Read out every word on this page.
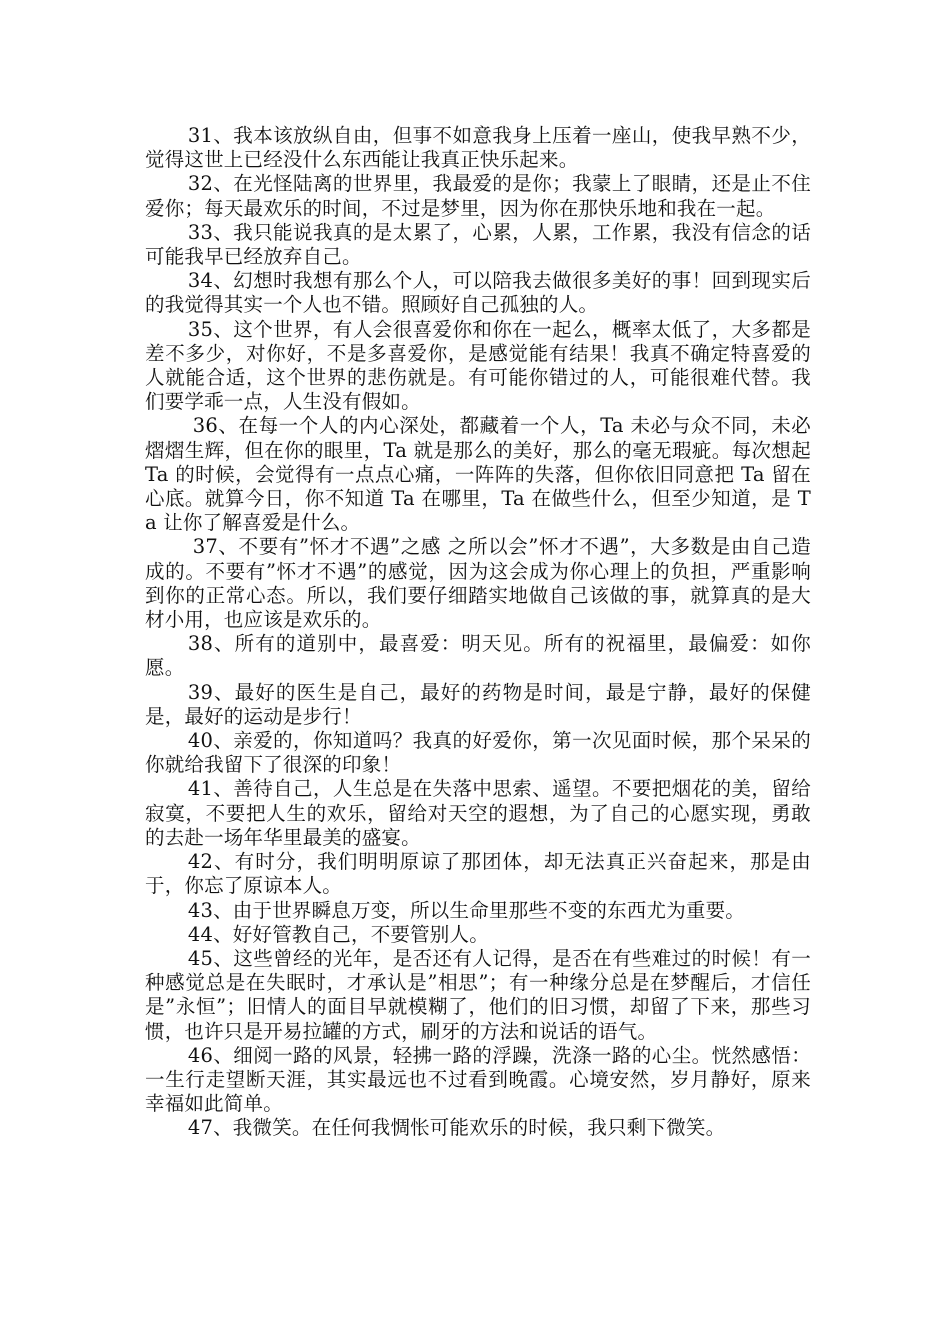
31、我本该放纵自由，但事不如意我身上压着一座山，使我早熟不少，觉得这世上已经没什么东西能让我真正快乐起来。

32、在光怪陆离的世界里，我最爱的是你；我蒙上了眼睛，还是止不住爱你；每天最欢乐的时间，不过是梦里，因为你在那快乐地和我在一起。

33、我只能说我真的是太累了，心累，人累，工作累，我没有信念的话可能我早已经放弃自己。

34、幻想时我想有那么个人，可以陪我去做很多美好的事！回到现实后的我觉得其实一个人也不错。照顾好自己孤独的人。

35、这个世界，有人会很喜爱你和你在一起么，概率太低了，大多都是差不多少，对你好，不是多喜爱你，是感觉能有结果！我真不确定特喜爱的人就能合适，这个世界的悲伤就是。有可能你错过的人，可能很难代替。我们要学乖一点，人生没有假如。

36、在每一个人的内心深处，都藏着一个人，Ta 未必与众不同，未必熠熠生辉，但在你的眼里，Ta 就是那么的美好，那么的毫无瑕疵。每次想起 Ta 的时候，会觉得有一点点心痛，一阵阵的失落，但你依旧同意把 Ta 留在心底。就算今日，你不知道 Ta 在哪里，Ta 在做些什么，但至少知道，是 Ta 让你了解喜爱是什么。

37、不要有”怀才不遇”之感 之所以会”怀才不遇”，大多数是由自己造成的。不要有”怀才不遇”的感觉，因为这会成为你心理上的负担，严重影响到你的正常心态。所以，我们要仔细踏实地做自己该做的事，就算真的是大材小用，也应该是欢乐的。

38、所有的道别中，最喜爱：明天见。所有的祝福里，最偏爱：如你愿。

39、最好的医生是自己，最好的药物是时间，最是宁静，最好的保健是，最好的运动是步行！

40、亲爱的，你知道吗？我真的好爱你，第一次见面时候，那个呆呆的你就给我留下了很深的印象！

41、善待自己，人生总是在失落中思索、遥望。不要把烟花的美，留给寂寞，不要把人生的欢乐，留给对天空的遐想，为了自己的心愿实现，勇敢的去赴一场年华里最美的盛宴。

42、有时分，我们明明原谅了那团体，却无法真正兴奋起来，那是由于，你忘了原谅本人。

43、由于世界瞬息万变，所以生命里那些不变的东西尤为重要。

44、好好管教自己，不要管别人。

45、这些曾经的光年，是否还有人记得，是否在有些难过的时候！有一种感觉总是在失眠时，才承认是”相思”；有一种缘分总是在梦醒后，才信任是”永恒”；旧情人的面目早就模糊了，他们的旧习惯，却留了下来，那些习惯，也许只是开易拉罐的方式，刷牙的方法和说话的语气。

46、细阅一路的风景，轻拂一路的浮躁，洗涤一路的心尘。恍然感悟：一生行走望断天涯，其实最远也不过看到晚霞。心境安然，岁月静好，原来幸福如此简单。

47、我微笑。在任何我惆怅可能欢乐的时候，我只剩下微笑。
